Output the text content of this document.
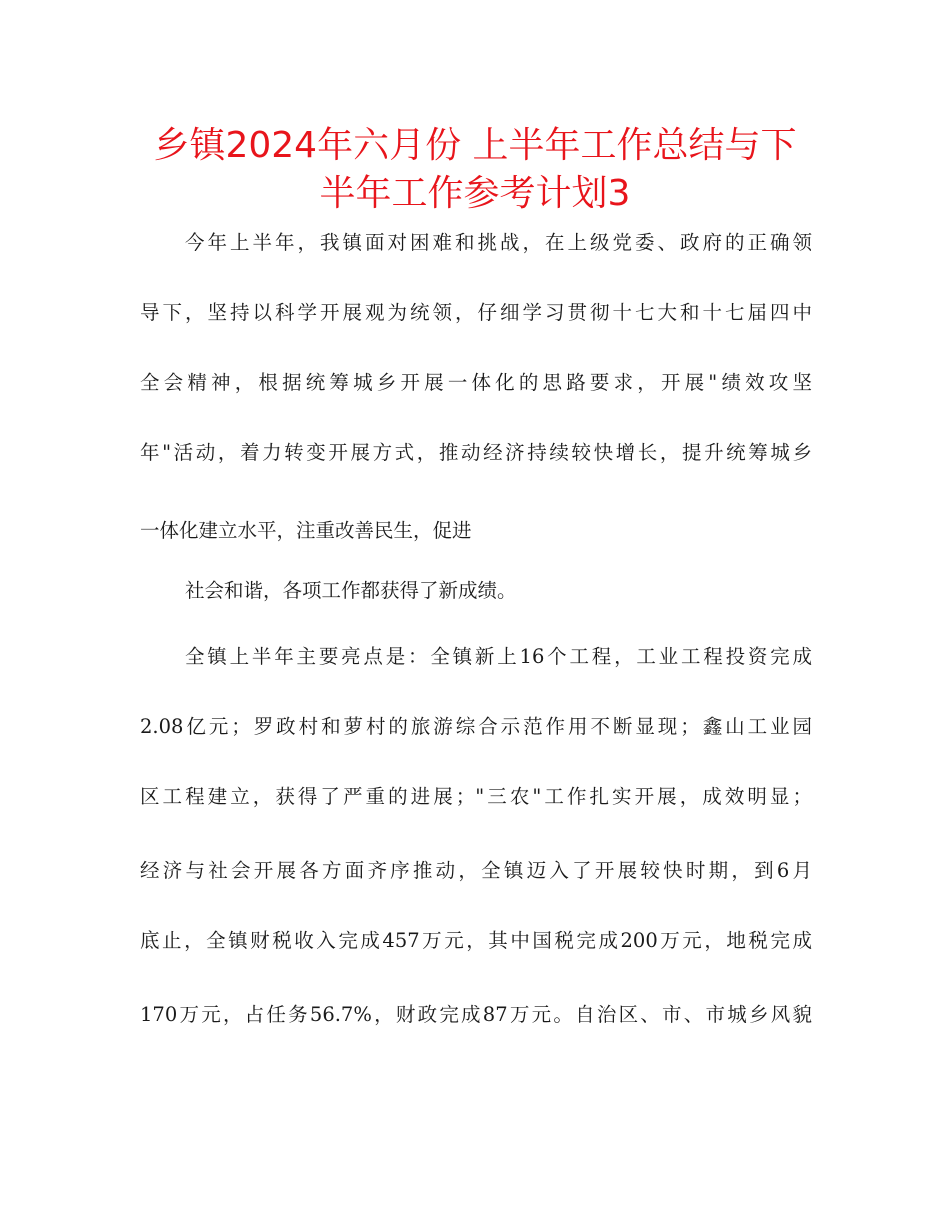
乡镇2024年六月份 上半年工作总结与下
半年工作参考计划3
今年上半年，我镇面对困难和挑战，在上级党委、政府的正确领
导下，坚持以科学开展观为统领，仔细学习贯彻十七大和十七届四中
全会精神，根据统筹城乡开展一体化的思路要求，开展"绩效攻坚
年"活动，着力转变开展方式，推动经济持续较快增长，提升统筹城乡
一体化建立水平，注重改善民生，促进
社会和谐，各项工作都获得了新成绩。
全镇上半年主要亮点是：全镇新上16个工程，工业工程投资完成
2.08亿元；罗政村和萝村的旅游综合示范作用不断显现；鑫山工业园
区工程建立，获得了严重的进展；"三农"工作扎实开展，成效明显；
经济与社会开展各方面齐序推动，全镇迈入了开展较快时期，到6月
底止，全镇财税收入完成457万元，其中国税完成200万元，地税完成
170万元，占任务56.7%，财政完成87万元。自治区、市、市城乡风貌
